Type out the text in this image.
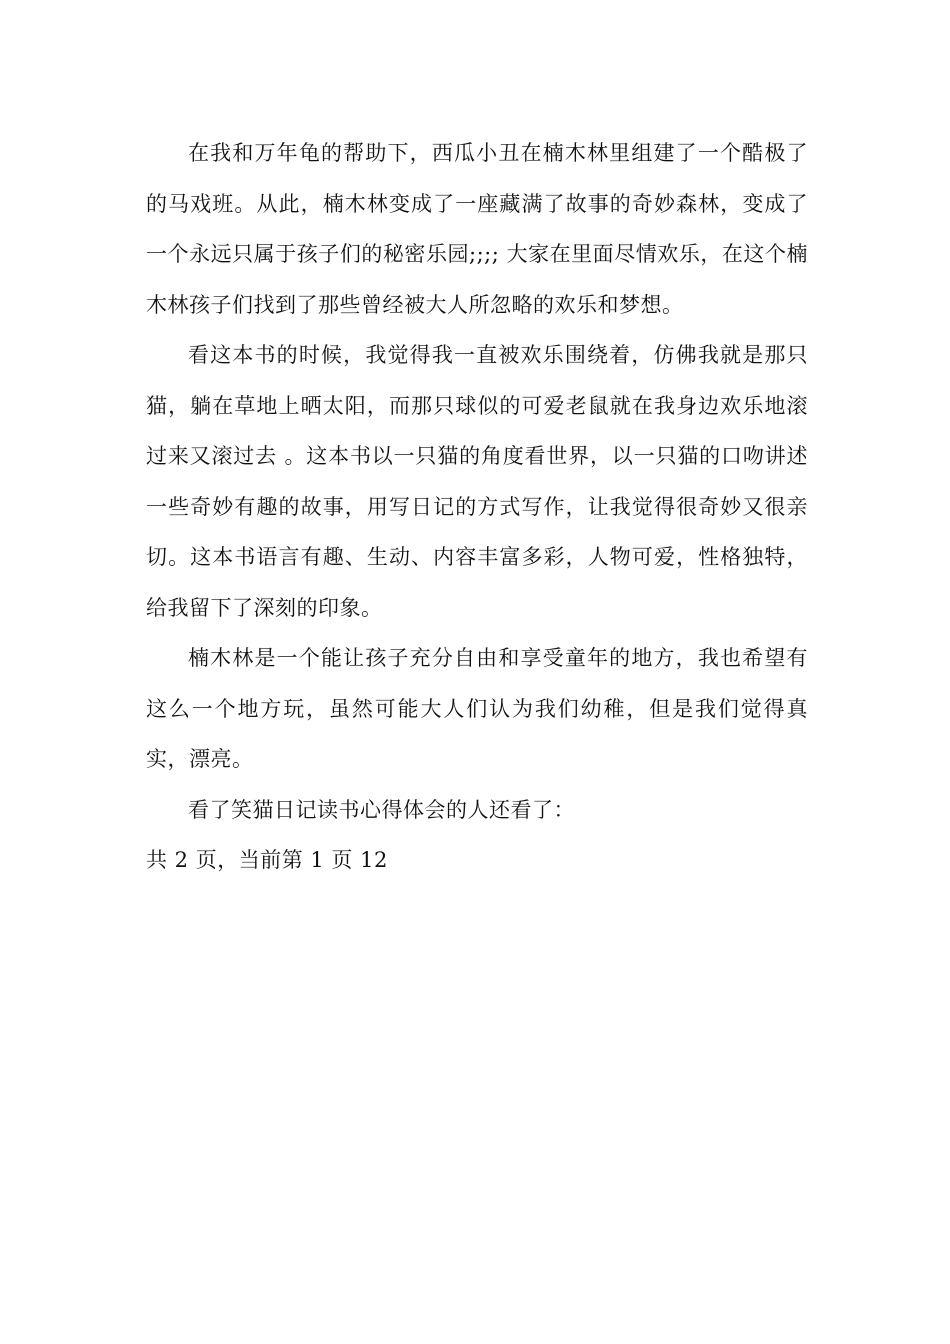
在我和万年龟的帮助下，西瓜小丑在楠木林里组建了一个酷极了的马戏班。从此，楠木林变成了一座藏满了故事的奇妙森林，变成了一个永远只属于孩子们的秘密乐园;;;; 大家在里面尽情欢乐，在这个楠木林孩子们找到了那些曾经被大人所忽略的欢乐和梦想。

看这本书的时候，我觉得我一直被欢乐围绕着，仿佛我就是那只猫，躺在草地上晒太阳，而那只球似的可爱老鼠就在我身边欢乐地滚过来又滚过去 。这本书以一只猫的角度看世界，以一只猫的口吻讲述一些奇妙有趣的故事，用写日记的方式写作，让我觉得很奇妙又很亲切。这本书语言有趣、生动、内容丰富多彩，人物可爱，性格独特，给我留下了深刻的印象。

楠木林是一个能让孩子充分自由和享受童年的地方，我也希望有这么一个地方玩，虽然可能大人们认为我们幼稚，但是我们觉得真实，漂亮。

看了笑猫日记读书心得体会的人还看了：

共 2 页，当前第 1 页 12
